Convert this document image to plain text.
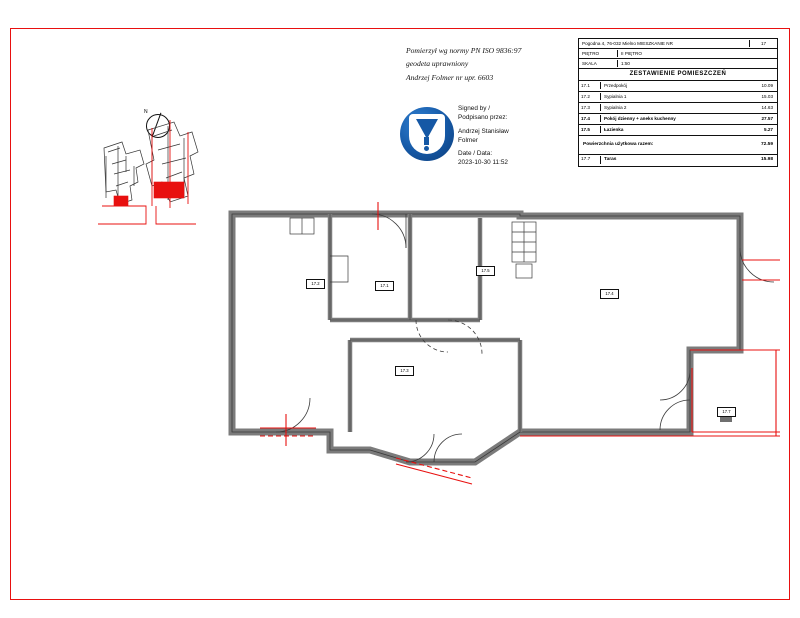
Pomierzył wg normy PN ISO 9836:97
geodeta uprawniony
Andrzej Folmer nr upr. 6603
Signed by /
Podpisano przez:
Andrzej Stanisław
Folmer
Date / Data:
2023-10-30 11:52
N
Pogodna 4, 76-032 Mielno MIESZKANIE NR	17
PIĘTRO	II PIĘTRO
SKALA	1:50
ZESTAWIENIE POMIESZCZEŃ
17.1	Przedpokój	10.09
17.2	Sypialnia 1	15.03
17.3	Sypialnia 2	14.63
17.4	Pokój dzienny + aneks kuchenny	27.57
17.5	Łazienka	5.27
Powierzchnia użytkowa razem:	72.59
17.7	Taras	15.98
17.2	17.1
17.5
17.4
17.3
17.7
